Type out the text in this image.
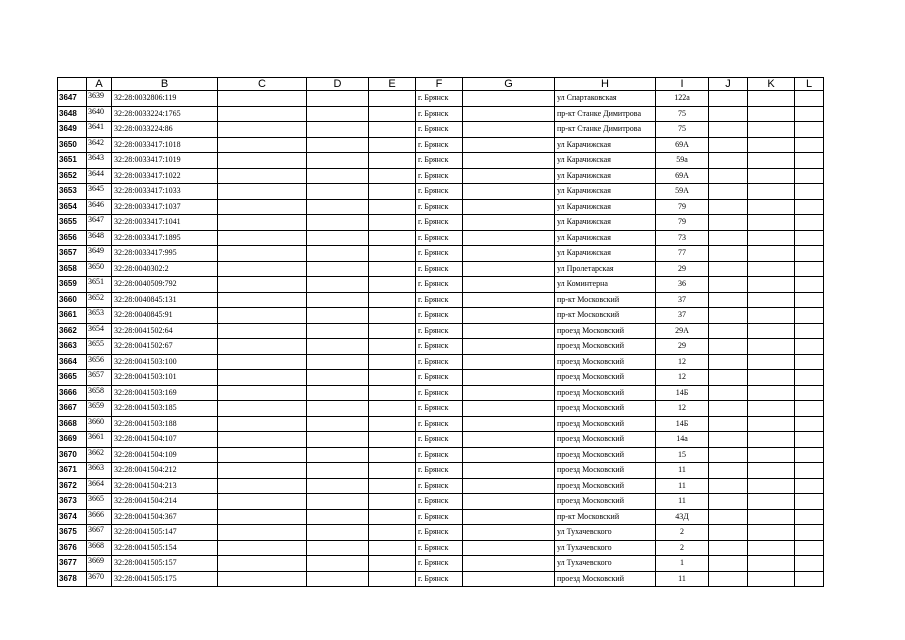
	A	B	C	D	E	F	G	H	I	J	K	L
3647	3639	32:28:0032806:119				г. Брянск		ул Спартаковская	122а			
3648	3640	32:28:0033224:1765				г. Брянск		пр-кт Станке Димитрова	75			
3649	3641	32:28:0033224:86				г. Брянск		пр-кт Станке Димитрова	75			
3650	3642	32:28:0033417:1018				г. Брянск		ул Карачижская	69А			
3651	3643	32:28:0033417:1019				г. Брянск		ул Карачижская	59а			
3652	3644	32:28:0033417:1022				г. Брянск		ул Карачижская	69А			
3653	3645	32:28:0033417:1033				г. Брянск		ул Карачижская	59А			
3654	3646	32:28:0033417:1037				г. Брянск		ул Карачижская	79			
3655	3647	32:28:0033417:1041				г. Брянск		ул Карачижская	79			
3656	3648	32:28:0033417:1895				г. Брянск		ул Карачижская	73			
3657	3649	32:28:0033417:995				г. Брянск		ул Карачижская	77			
3658	3650	32:28:0040302:2				г. Брянск		ул Пролетарская	29			
3659	3651	32:28:0040509:792				г. Брянск		ул Коминтерна	36			
3660	3652	32:28:0040845:131				г. Брянск		пр-кт Московский	37			
3661	3653	32:28:0040845:91				г. Брянск		пр-кт Московский	37			
3662	3654	32:28:0041502:64				г. Брянск		проезд Московский	29А			
3663	3655	32:28:0041502:67				г. Брянск		проезд Московский	29			
3664	3656	32:28:0041503:100				г. Брянск		проезд Московский	12			
3665	3657	32:28:0041503:101				г. Брянск		проезд Московский	12			
3666	3658	32:28:0041503:169				г. Брянск		проезд Московский	14Б			
3667	3659	32:28:0041503:185				г. Брянск		проезд Московский	12			
3668	3660	32:28:0041503:188				г. Брянск		проезд Московский	14Б			
3669	3661	32:28:0041504:107				г. Брянск		проезд Московский	14а			
3670	3662	32:28:0041504:109				г. Брянск		проезд Московский	15			
3671	3663	32:28:0041504:212				г. Брянск		проезд Московский	11			
3672	3664	32:28:0041504:213				г. Брянск		проезд Московский	11			
3673	3665	32:28:0041504:214				г. Брянск		проезд Московский	11			
3674	3666	32:28:0041504:367				г. Брянск		пр-кт Московский	43Д			
3675	3667	32:28:0041505:147				г. Брянск		ул Тухачевского	2			
3676	3668	32:28:0041505:154				г. Брянск		ул Тухачевского	2			
3677	3669	32:28:0041505:157				г. Брянск		ул Тухачевского	1			
3678	3670	32:28:0041505:175				г. Брянск		проезд Московский	11			
